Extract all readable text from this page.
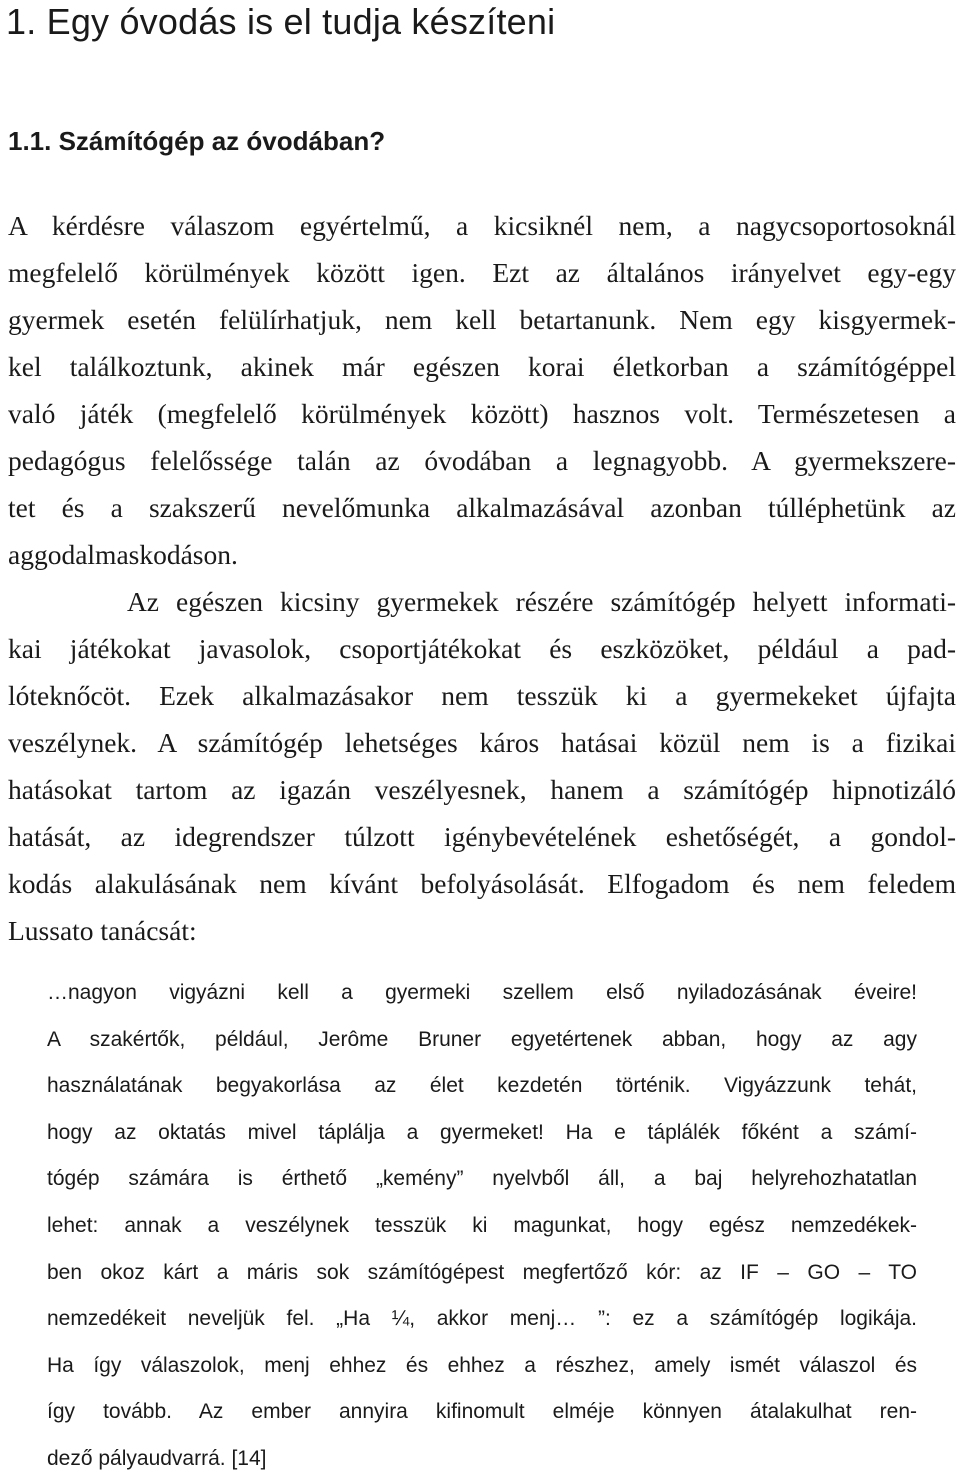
1. Egy óvodás is el tudja készíteni
1.1. Számítógép az óvodában?
A kérdésre válaszom egyértelmű, a kicsiknél nem, a nagycsoportosoknál
megfelelő körülmények között igen. Ezt az általános irányelvet egy-egy
gyermek esetén felülírhatjuk, nem kell betartanunk. Nem egy kisgyermek-
kel találkoztunk, akinek már egészen korai életkorban a számítógéppel
való játék (megfelelő körülmények között) hasznos volt. Természetesen a
pedagógus felelőssége talán az óvodában a legnagyobb. A gyermekszere-
tet és a szakszerű nevelőmunka alkalmazásával azonban túlléphetünk az
aggodalmaskodáson.
Az egészen kicsiny gyermekek részére számítógép helyett informati-
kai játékokat javasolok, csoportjátékokat és eszközöket, például a pad-
lóteknőcöt. Ezek alkalmazásakor nem tesszük ki a gyermekeket újfajta
veszélynek. A számítógép lehetséges káros hatásai közül nem is a fizikai
hatásokat tartom az igazán veszélyesnek, hanem a számítógép hipnotizáló
hatását, az idegrendszer túlzott igénybevételének eshetőségét, a gondol-
kodás alakulásának nem kívánt befolyásolását. Elfogadom és nem feledem
Lussato tanácsát:
…nagyon vigyázni kell a gyermeki szellem első nyiladozásának éveire!
A szakértők, például, Jerôme Bruner egyetértenek abban, hogy az agy
használatának begyakorlása az élet kezdetén történik. Vigyázzunk tehát,
hogy az oktatás mivel táplálja a gyermeket! Ha e táplálék főként a számí-
tógép számára is érthető „kemény” nyelvből áll, a baj helyrehozhatatlan
lehet: annak a veszélynek tesszük ki magunkat, hogy egész nemzedékek-
ben okoz kárt a máris sok számítógépest megfertőző kór: az IF – GO – TO
nemzedékeit neveljük fel. „Ha ¼, akkor menj… ”: ez a számítógép logikája.
Ha így válaszolok, menj ehhez és ehhez a részhez, amely ismét válaszol és
így tovább. Az ember annyira kifinomult elméje könnyen átalakulhat ren-
dező pályaudvarrá. [14]
